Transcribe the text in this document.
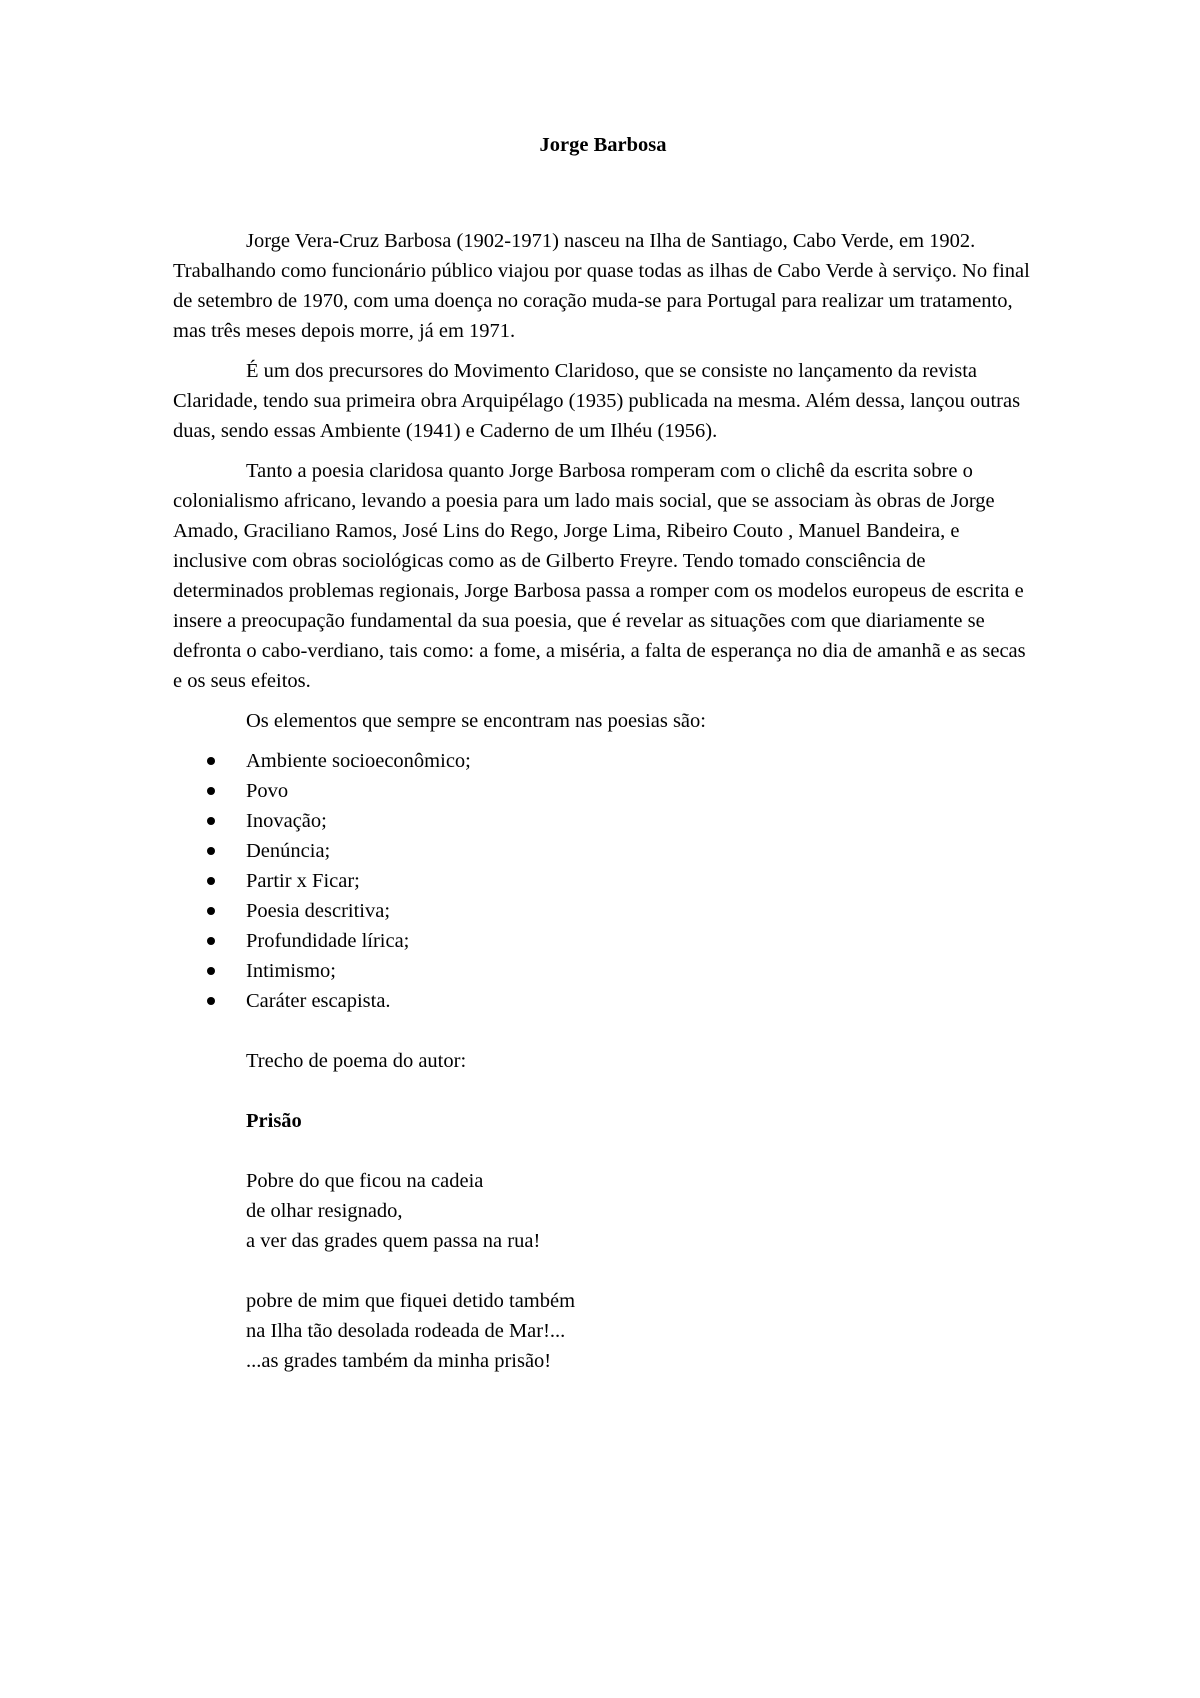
Jorge Barbosa

Jorge Vera-Cruz Barbosa (1902-1971) nasceu na Ilha de Santiago, Cabo Verde, em 1902. Trabalhando como funcionário público viajou por quase todas as ilhas de Cabo Verde à serviço. No final de setembro de 1970, com uma doença no coração muda-se para Portugal para realizar um tratamento, mas três meses depois morre, já em 1971.

É um dos precursores do Movimento Claridoso, que se consiste no lançamento da revista Claridade, tendo sua primeira obra Arquipélago (1935) publicada na mesma. Além dessa, lançou outras duas, sendo essas Ambiente (1941) e Caderno de um Ilhéu (1956).

Tanto a poesia claridosa quanto Jorge Barbosa romperam com o clichê da escrita sobre o colonialismo africano, levando a poesia para um lado mais social, que se associam às obras de Jorge Amado, Graciliano Ramos, José Lins do Rego, Jorge Lima, Ribeiro Couto , Manuel Bandeira, e inclusive com obras sociológicas como as de Gilberto Freyre. Tendo tomado consciência de determinados problemas regionais, Jorge Barbosa passa a romper com os modelos europeus de escrita e insere a preocupação fundamental da sua poesia, que é revelar as situações com que diariamente se defronta o cabo-verdiano, tais como: a fome, a miséria, a falta de esperança no dia de amanhã e as secas e os seus efeitos.

Os elementos que sempre se encontram nas poesias são:

Ambiente socioeconômico;
Povo
Inovação;
Denúncia;
Partir x Ficar;
Poesia descritiva;
Profundidade lírica;
Intimismo;
Caráter escapista.
Trecho de poema do autor:
Prisão
Pobre do que ficou na cadeia
de olhar resignado,
a ver das grades quem passa na rua!
pobre de mim que fiquei detido também
na Ilha tão desolada rodeada de Mar!...
...as grades também da minha prisão!
